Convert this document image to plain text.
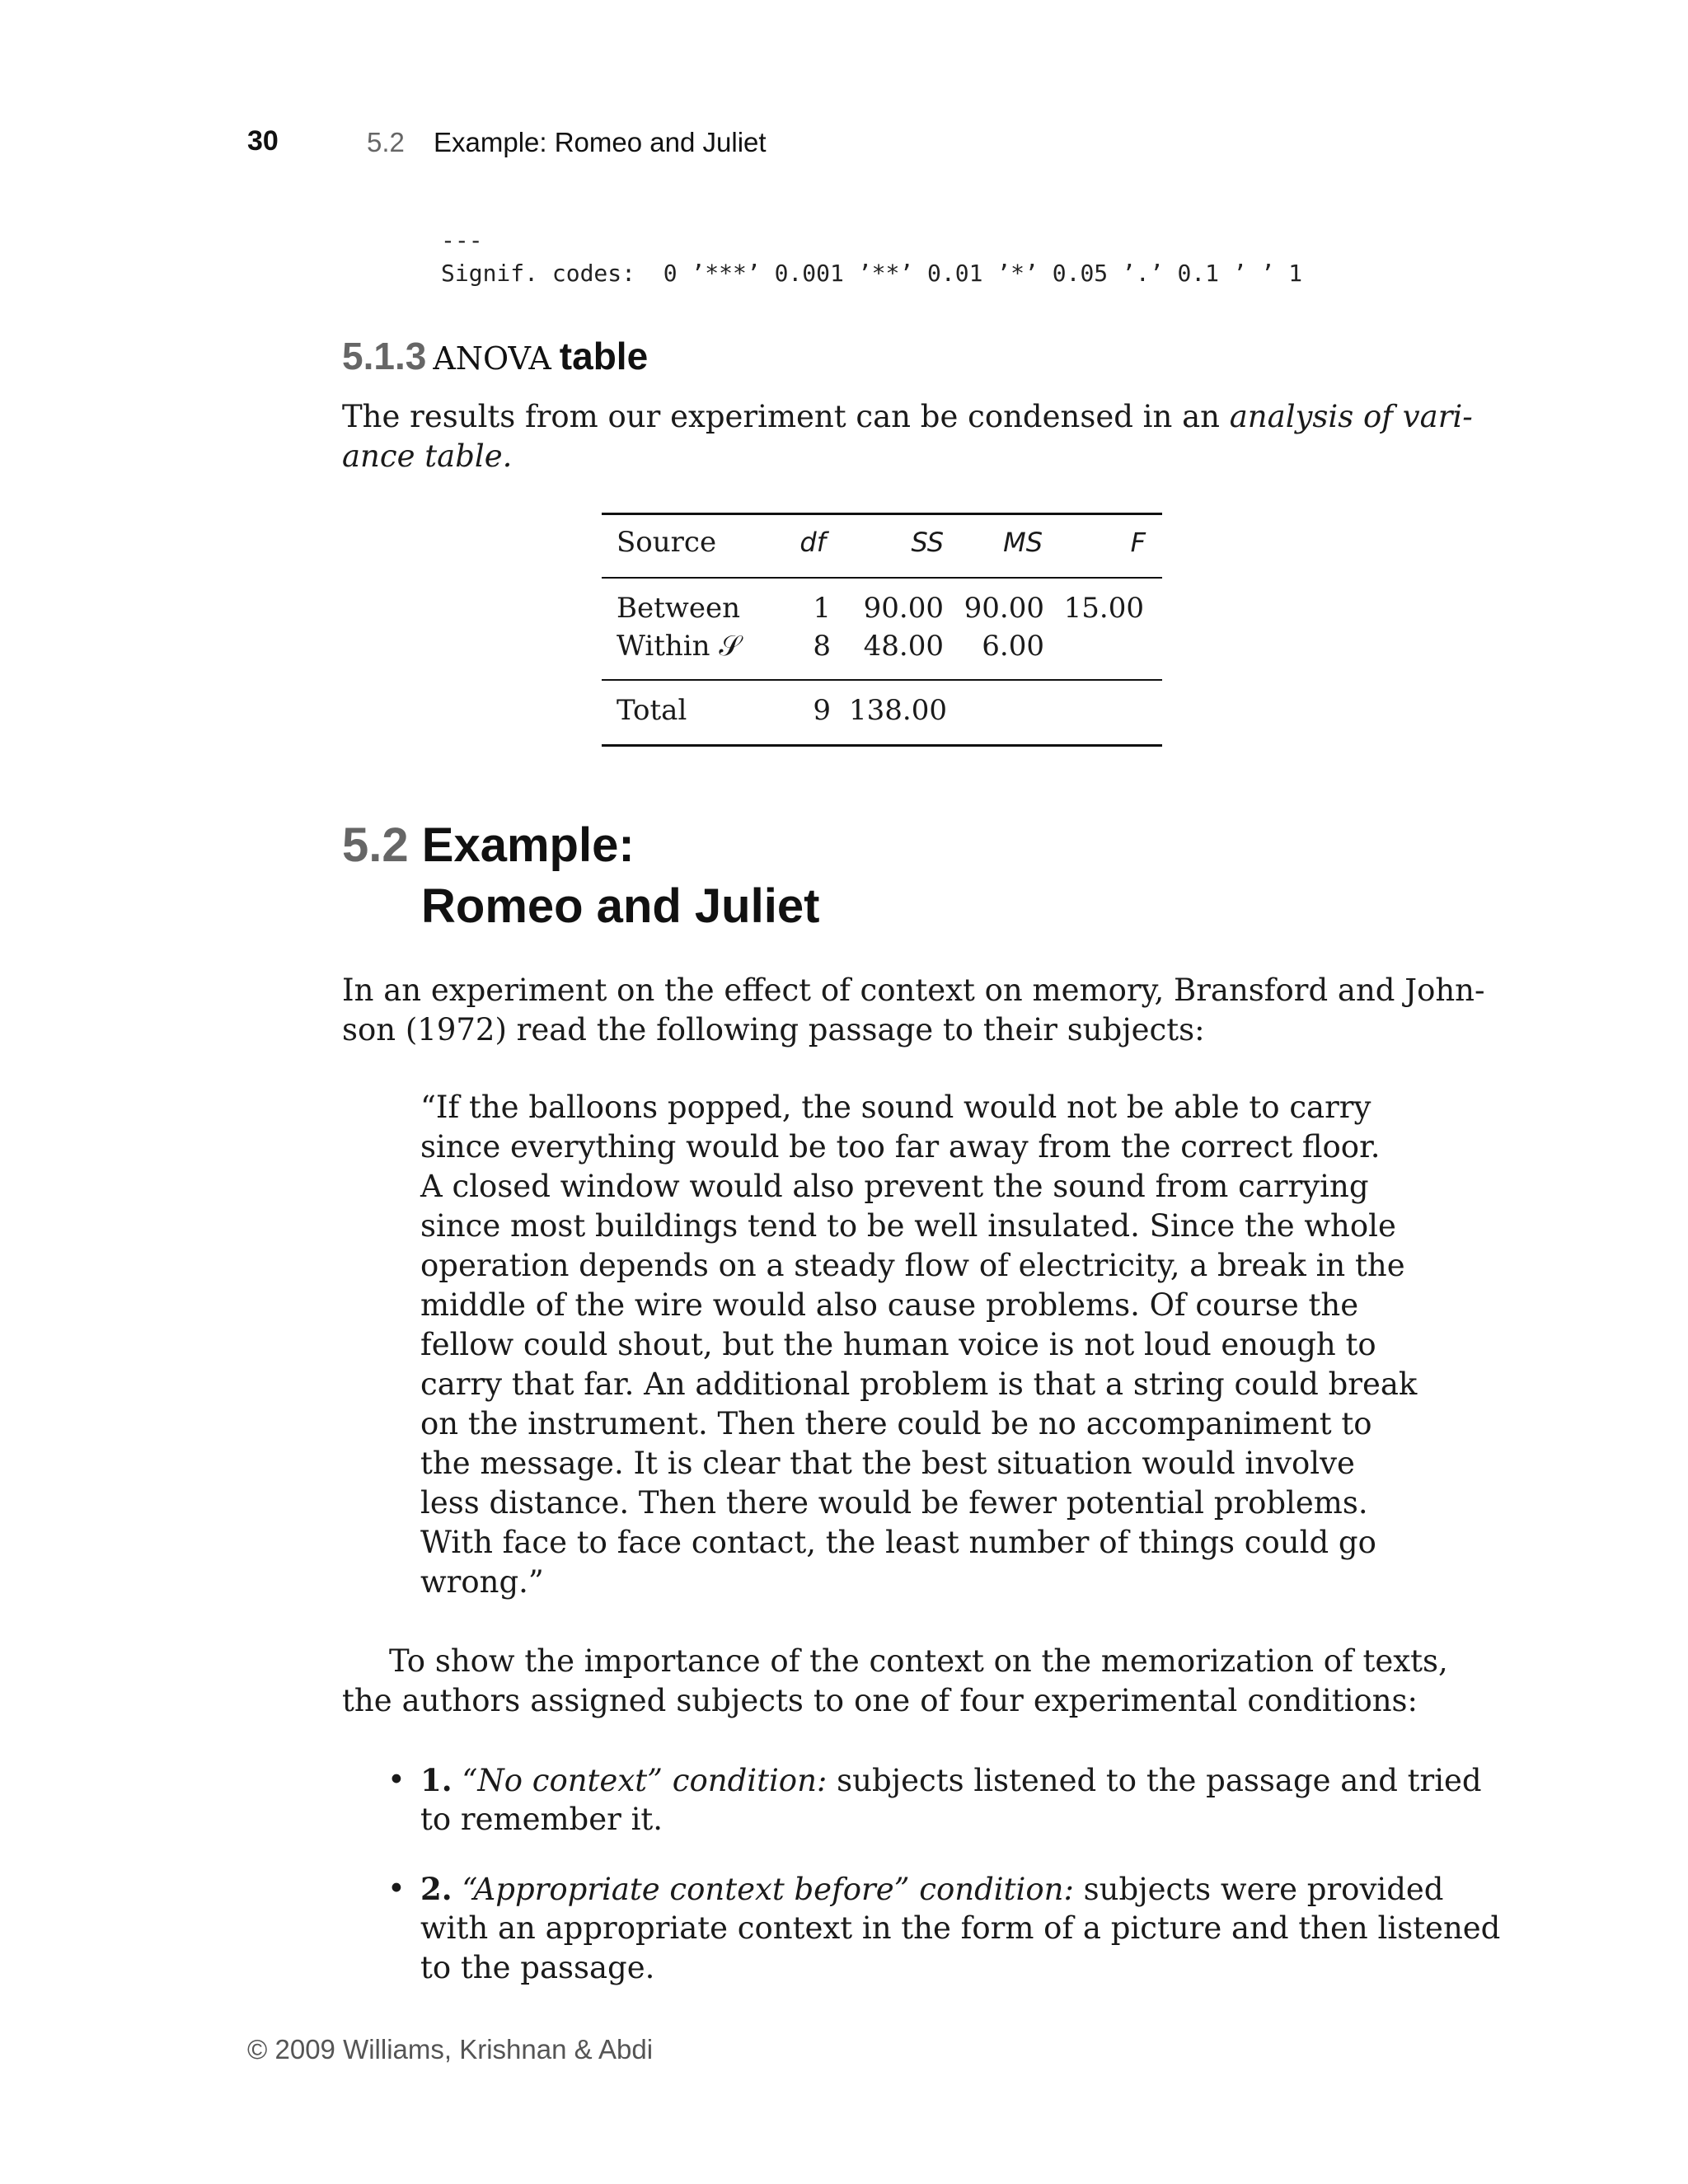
30	5.2 Example: Romeo and Juliet
---
Signif. codes:  0 ’***’ 0.001 ’**’ 0.01 ’*’ 0.05 ’.’ 0.1 ’ ’ 1
5.1.3 ANOVA table
The results from our experiment can be condensed in an analysis of vari-
ance table.
Source	df	SS	MS	F
Between	1	90.00 90.00 15.00
Within 𝒮	8	48.00	6.00
Total	9 138.00
5.2 Example:
Romeo and Juliet
In an experiment on the effect of context on memory, Bransford and John-
son (1972) read the following passage to their subjects:
“If the balloons popped, the sound would not be able to carry
since everything would be too far away from the correct floor.
A closed window would also prevent the sound from carrying
since most buildings tend to be well insulated. Since the whole
operation depends on a steady flow of electricity, a break in the
middle of the wire would also cause problems. Of course the
fellow could shout, but the human voice is not loud enough to
carry that far. An additional problem is that a string could break
on the instrument. Then there could be no accompaniment to
the message. It is clear that the best situation would involve
less distance. Then there would be fewer potential problems.
With face to face contact, the least number of things could go
wrong.”
To show the importance of the context on the memorization of texts,
the authors assigned subjects to one of four experimental conditions:
• 1. “No context” condition: subjects listened to the passage and tried
to remember it.
• 2. “Appropriate context before” condition: subjects were provided
with an appropriate context in the form of a picture and then listened
to the passage.
© 2009 Williams, Krishnan & Abdi
